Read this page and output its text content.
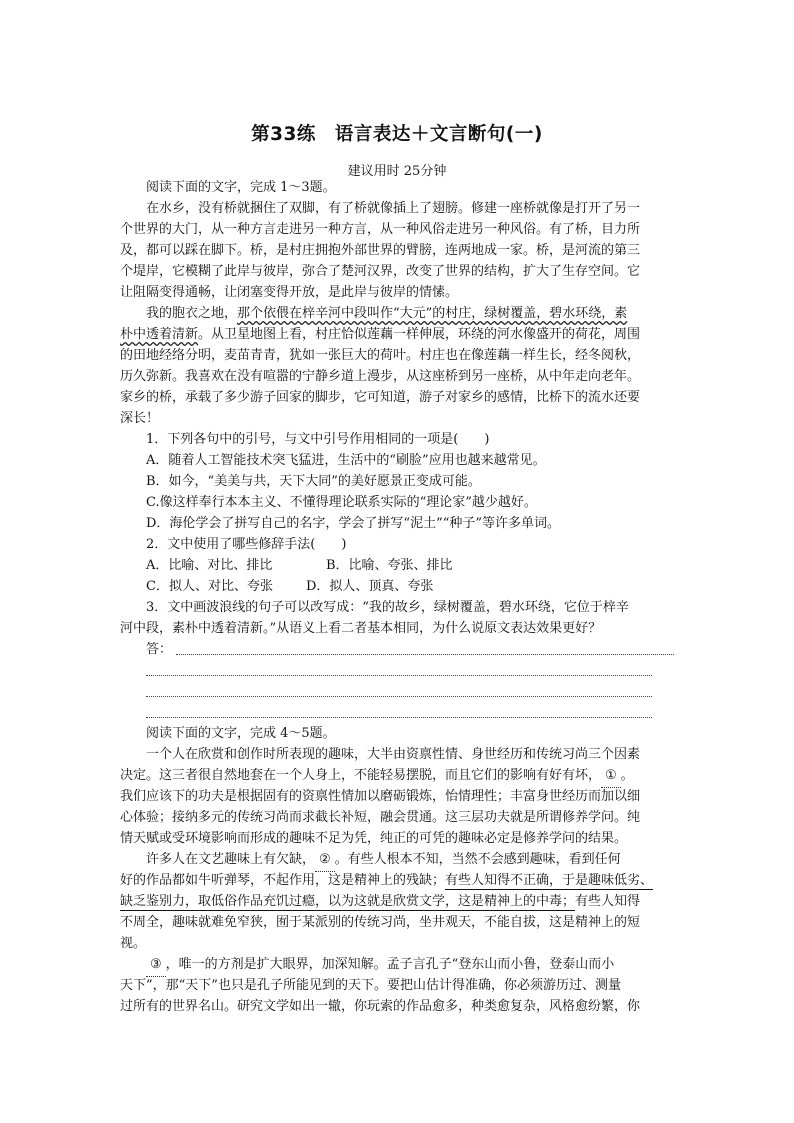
第33练　语言表达＋文言断句(一)
建议用时 25分钟
阅读下面的文字，完成 1～3题。
在水乡，没有桥就捆住了双脚，有了桥就像插上了翅膀。修建一座桥就像是打开了另一
个世界的大门，从一种方言走进另一种方言，从一种风俗走进另一种风俗。有了桥，目力所
及，都可以踩在脚下。桥，是村庄拥抱外部世界的臂膀，连两地成一家。桥，是河流的第三
个堤岸，它模糊了此岸与彼岸，弥合了楚河汉界，改变了世界的结构，扩大了生存空间。它
让阻隔变得通畅，让闭塞变得开放，是此岸与彼岸的情愫。
我的胞衣之地，那个依偎在梓辛河中段叫作“大元”的村庄，绿树覆盖，碧水环绕，素
朴中透着清新。从卫星地图上看，村庄恰似莲藕一样伸展，环绕的河水像盛开的荷花，周围
的田地经络分明，麦苗青青，犹如一张巨大的荷叶。村庄也在像莲藕一样生长，经冬阅秋，
历久弥新。我喜欢在没有喧嚣的宁静乡道上漫步，从这座桥到另一座桥，从中年走向老年。
家乡的桥，承载了多少游子回家的脚步，它可知道，游子对家乡的感情，比桥下的流水还要
深长！
1．下列各句中的引号，与文中引号作用相同的一项是(　　)
A．随着人工智能技术突飞猛进，生活中的“刷脸”应用也越来越常见。
B．如今，“美美与共，天下大同”的美好愿景正变成可能。
C.像这样奉行本本主义、不懂得理论联系实际的“理论家”越少越好。
D．海伦学会了拼写自己的名字，学会了拼写“泥土”“种子”等许多单词。
2．文中使用了哪些修辞手法(　　)
A．比喻、对比、排比	B．比喻、夸张、排比
C．拟人、对比、夸张	D．拟人、顶真、夸张
3．文中画波浪线的句子可以改写成：“我的故乡，绿树覆盖，碧水环绕，它位于梓辛
河中段，素朴中透着清新。”从语义上看二者基本相同，为什么说原文表达效果更好？
答：
阅读下面的文字，完成 4～5题。
一个人在欣赏和创作时所表现的趣味，大半由资禀性情、身世经历和传统习尚三个因素
决定。这三者很自然地套在一个人身上，不能轻易摆脱，而且它们的影响有好有坏， ① 。
我们应该下的功夫是根据固有的资禀性情加以磨砺锻炼，怡情理性；丰富身世经历而加以细
心体验；接纳多元的传统习尚而求截长补短，融会贯通。这三层功夫就是所谓修养学问。纯
情天赋或受环境影响而形成的趣味不足为凭，纯正的可凭的趣味必定是修养学问的结果。
许多人在文艺趣味上有欠缺， ② 。有些人根本不知，当然不会感到趣味，看到任何
好的作品都如牛听弹琴，不起作用，这是精神上的残缺；有些人知得不正确，于是趣味低劣、
缺乏鉴别力，取低俗作品充饥过瘾，以为这就是欣赏文学，这是精神上的中毒；有些人知得
不周全，趣味就难免窄狭，囿于某派别的传统习尚，坐井观天，不能自拔，这是精神上的短
视。
③ ，唯一的方剂是扩大眼界，加深知解。孟子言孔子“登东山而小鲁，登泰山而小
天下”，那“天下”也只是孔子所能见到的天下。要把山估计得准确，你必须游历过、测量
过所有的世界名山。研究文学如出一辙，你玩索的作品愈多，种类愈复杂，风格愈纷繁，你
